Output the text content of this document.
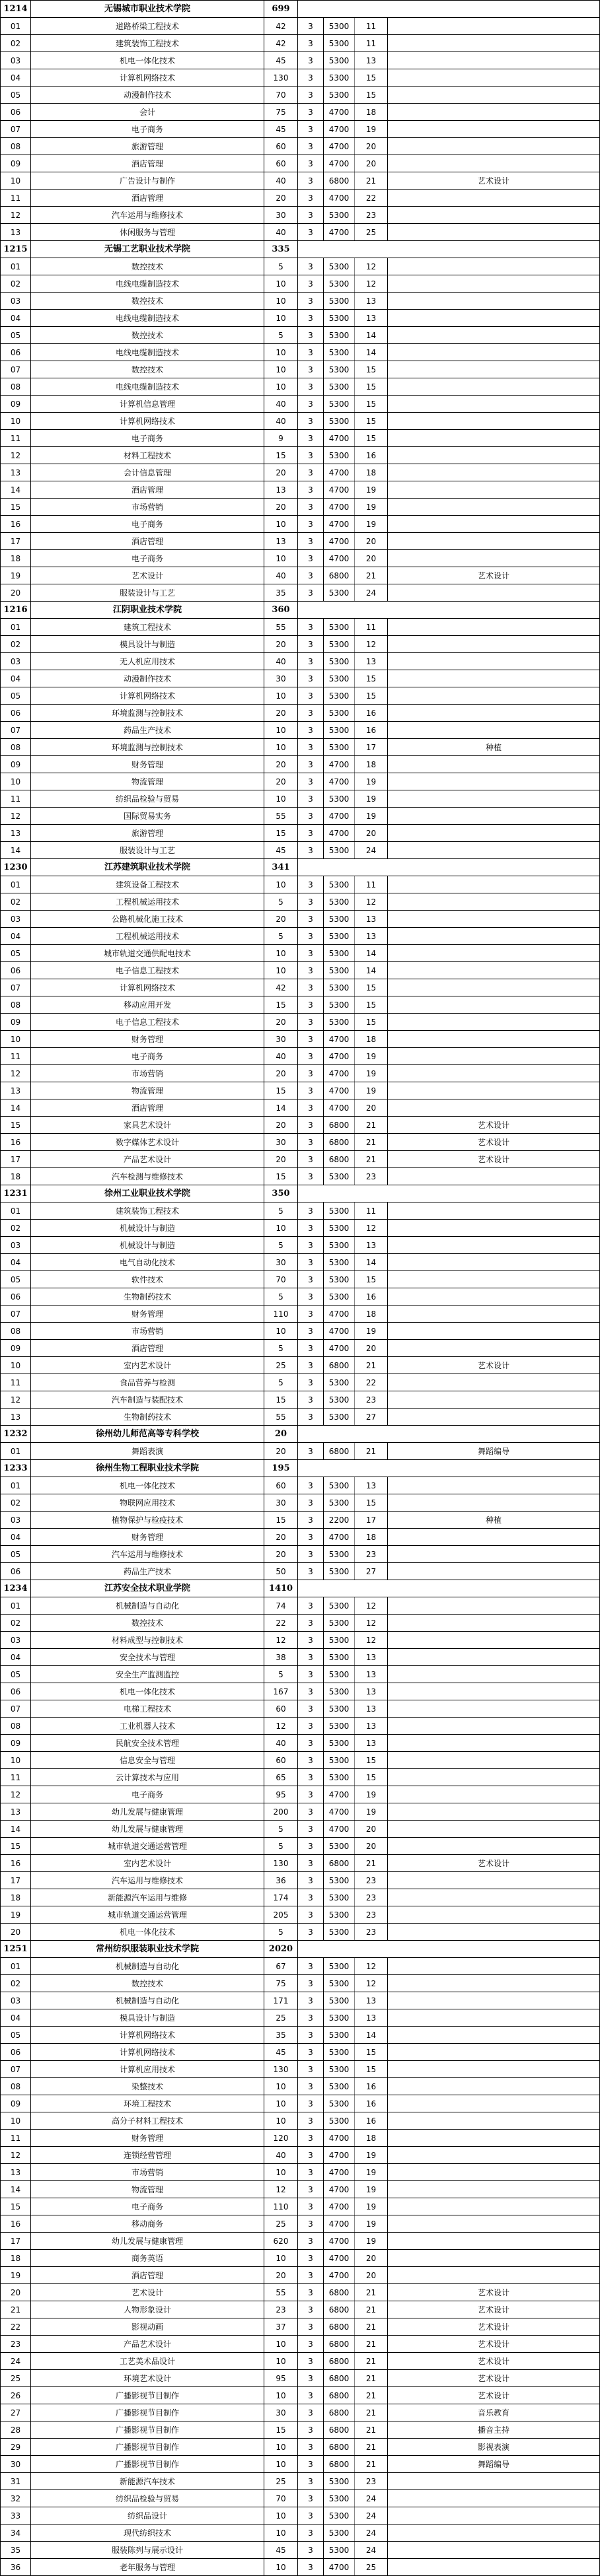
1214	无锡城市职业技术学院	699				
01	道路桥梁工程技术	42	3	5300	11	
02	建筑装饰工程技术	42	3	5300	11	
03	机电一体化技术	45	3	5300	13	
04	计算机网络技术	130	3	5300	15	
05	动漫制作技术	70	3	5300	15	
06	会计	75	3	4700	18	
07	电子商务	45	3	4700	19	
08	旅游管理	60	3	4700	20	
09	酒店管理	60	3	4700	20	
10	广告设计与制作	40	3	6800	21	艺术设计
11	酒店管理	20	3	4700	22	
12	汽车运用与维修技术	30	3	5300	23	
13	休闲服务与管理	40	3	4700	25	
1215	无锡工艺职业技术学院	335				
01	数控技术	5	3	5300	12	
02	电线电缆制造技术	10	3	5300	12	
03	数控技术	10	3	5300	13	
04	电线电缆制造技术	10	3	5300	13	
05	数控技术	5	3	5300	14	
06	电线电缆制造技术	10	3	5300	14	
07	数控技术	10	3	5300	15	
08	电线电缆制造技术	10	3	5300	15	
09	计算机信息管理	40	3	5300	15	
10	计算机网络技术	40	3	5300	15	
11	电子商务	9	3	4700	15	
12	材料工程技术	15	3	5300	16	
13	会计信息管理	20	3	4700	18	
14	酒店管理	13	3	4700	19	
15	市场营销	20	3	4700	19	
16	电子商务	10	3	4700	19	
17	酒店管理	13	3	4700	20	
18	电子商务	10	3	4700	20	
19	艺术设计	40	3	6800	21	艺术设计
20	服装设计与工艺	35	3	5300	24	
1216	江阴职业技术学院	360				
01	建筑工程技术	55	3	5300	11	
02	模具设计与制造	20	3	5300	12	
03	无人机应用技术	40	3	5300	13	
04	动漫制作技术	30	3	5300	15	
05	计算机网络技术	10	3	5300	15	
06	环境监测与控制技术	20	3	5300	16	
07	药品生产技术	10	3	5300	16	
08	环境监测与控制技术	10	3	5300	17	种植
09	财务管理	20	3	4700	18	
10	物流管理	20	3	4700	19	
11	纺织品检验与贸易	10	3	5300	19	
12	国际贸易实务	55	3	4700	19	
13	旅游管理	15	3	4700	20	
14	服装设计与工艺	45	3	5300	24	
1230	江苏建筑职业技术学院	341				
01	建筑设备工程技术	10	3	5300	11	
02	工程机械运用技术	5	3	5300	12	
03	公路机械化施工技术	20	3	5300	13	
04	工程机械运用技术	5	3	5300	13	
05	城市轨道交通供配电技术	10	3	5300	14	
06	电子信息工程技术	10	3	5300	14	
07	计算机网络技术	42	3	5300	15	
08	移动应用开发	15	3	5300	15	
09	电子信息工程技术	20	3	5300	15	
10	财务管理	30	3	4700	18	
11	电子商务	40	3	4700	19	
12	市场营销	20	3	4700	19	
13	物流管理	15	3	4700	19	
14	酒店管理	14	3	4700	20	
15	家具艺术设计	20	3	6800	21	艺术设计
16	数字媒体艺术设计	30	3	6800	21	艺术设计
17	产品艺术设计	20	3	6800	21	艺术设计
18	汽车检测与维修技术	15	3	5300	23	
1231	徐州工业职业技术学院	350				
01	建筑装饰工程技术	5	3	5300	11	
02	机械设计与制造	10	3	5300	12	
03	机械设计与制造	5	3	5300	13	
04	电气自动化技术	30	3	5300	14	
05	软件技术	70	3	5300	15	
06	生物制药技术	5	3	5300	16	
07	财务管理	110	3	4700	18	
08	市场营销	10	3	4700	19	
09	酒店管理	5	3	4700	20	
10	室内艺术设计	25	3	6800	21	艺术设计
11	食品营养与检测	5	3	5300	22	
12	汽车制造与装配技术	15	3	5300	23	
13	生物制药技术	55	3	5300	27	
1232	徐州幼儿师范高等专科学校	20				
01	舞蹈表演	20	3	6800	21	舞蹈编导
1233	徐州生物工程职业技术学院	195				
01	机电一体化技术	60	3	5300	13	
02	物联网应用技术	30	3	5300	15	
03	植物保护与检疫技术	15	3	2200	17	种植
04	财务管理	20	3	4700	18	
05	汽车运用与维修技术	20	3	5300	23	
06	药品生产技术	50	3	5300	27	
1234	江苏安全技术职业学院	1410				
01	机械制造与自动化	74	3	5300	12	
02	数控技术	22	3	5300	12	
03	材料成型与控制技术	12	3	5300	12	
04	安全技术与管理	38	3	5300	13	
05	安全生产监测监控	5	3	5300	13	
06	机电一体化技术	167	3	5300	13	
07	电梯工程技术	60	3	5300	13	
08	工业机器人技术	12	3	5300	13	
09	民航安全技术管理	40	3	5300	13	
10	信息安全与管理	60	3	5300	15	
11	云计算技术与应用	65	3	5300	15	
12	电子商务	95	3	4700	19	
13	幼儿发展与健康管理	200	3	4700	19	
14	幼儿发展与健康管理	5	3	4700	20	
15	城市轨道交通运营管理	5	3	5300	20	
16	室内艺术设计	130	3	6800	21	艺术设计
17	汽车运用与维修技术	36	3	5300	23	
18	新能源汽车运用与维修	174	3	5300	23	
19	城市轨道交通运营管理	205	3	5300	23	
20	机电一体化技术	5	3	5300	23	
1251	常州纺织服装职业技术学院	2020				
01	机械制造与自动化	67	3	5300	12	
02	数控技术	75	3	5300	12	
03	机械制造与自动化	171	3	5300	13	
04	模具设计与制造	25	3	5300	13	
05	计算机网络技术	35	3	5300	14	
06	计算机网络技术	45	3	5300	15	
07	计算机应用技术	130	3	5300	15	
08	染整技术	10	3	5300	16	
09	环境工程技术	10	3	5300	16	
10	高分子材料工程技术	10	3	5300	16	
11	财务管理	120	3	4700	18	
12	连锁经营管理	40	3	4700	19	
13	市场营销	10	3	4700	19	
14	物流管理	12	3	4700	19	
15	电子商务	110	3	4700	19	
16	移动商务	25	3	4700	19	
17	幼儿发展与健康管理	620	3	4700	19	
18	商务英语	10	3	4700	20	
19	酒店管理	20	3	4700	20	
20	艺术设计	55	3	6800	21	艺术设计
21	人物形象设计	23	3	6800	21	艺术设计
22	影视动画	37	3	6800	21	艺术设计
23	产品艺术设计	10	3	6800	21	艺术设计
24	工艺美术品设计	10	3	6800	21	艺术设计
25	环境艺术设计	95	3	6800	21	艺术设计
26	广播影视节目制作	10	3	6800	21	艺术设计
27	广播影视节目制作	30	3	6800	21	音乐教育
28	广播影视节目制作	15	3	6800	21	播音主持
29	广播影视节目制作	10	3	6800	21	影视表演
30	广播影视节目制作	10	3	6800	21	舞蹈编导
31	新能源汽车技术	25	3	5300	23	
32	纺织品检验与贸易	70	3	5300	24	
33	纺织品设计	10	3	5300	24	
34	现代纺织技术	10	3	5300	24	
35	服装陈列与展示设计	45	3	5300	24	
36	老年服务与管理	10	3	4700	25	
